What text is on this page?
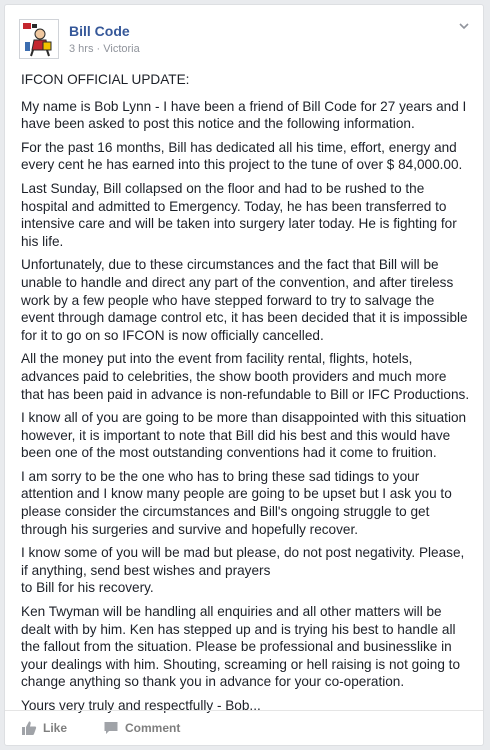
Bill Code
3 hrs · Victoria

IFCON OFFICIAL UPDATE:

My name is Bob Lynn - I have been a friend of Bill Code for 27 years and I have been asked to post this notice and the following information.

For the past 16 months, Bill has dedicated all his time, effort, energy and every cent he has earned into this project to the tune of over $ 84,000.00.

Last Sunday, Bill collapsed on the floor and had to be rushed to the hospital and admitted to Emergency. Today, he has been transferred to intensive care and will be taken into surgery later today. He is fighting for his life.

Unfortunately, due to these circumstances and the fact that Bill will be unable to handle and direct any part of the convention, and after tireless work by a few people who have stepped forward to try to salvage the event through damage control etc, it has been decided that it is impossible for it to go on so IFCON is now officially cancelled.

All the money put into the event from facility rental, flights, hotels, advances paid to celebrities, the show booth providers and much more that has been paid in advance is non-refundable to Bill or IFC Productions.

I know all of you are going to be more than disappointed with this situation however, it is important to note that Bill did his best and this would have been one of the most outstanding conventions had it come to fruition.

I am sorry to be the one who has to bring these sad tidings to your attention and I know many people are going to be upset but I ask you to please consider the circumstances and Bill's ongoing struggle to get through his surgeries and survive and hopefully recover.

I know some of you will be mad but please, do not post negativity. Please, if anything, send best wishes and prayers
to Bill for his recovery.

Ken Twyman will be handling all enquiries and all other matters will be dealt with by him. Ken has stepped up and is trying his best to handle all the fallout from the situation. Please be professional and businesslike in your dealings with him. Shouting, screaming or hell raising is not going to change anything so thank you in advance for your co-operation.

Yours very truly and respectfully - Bob...

Like	Comment
